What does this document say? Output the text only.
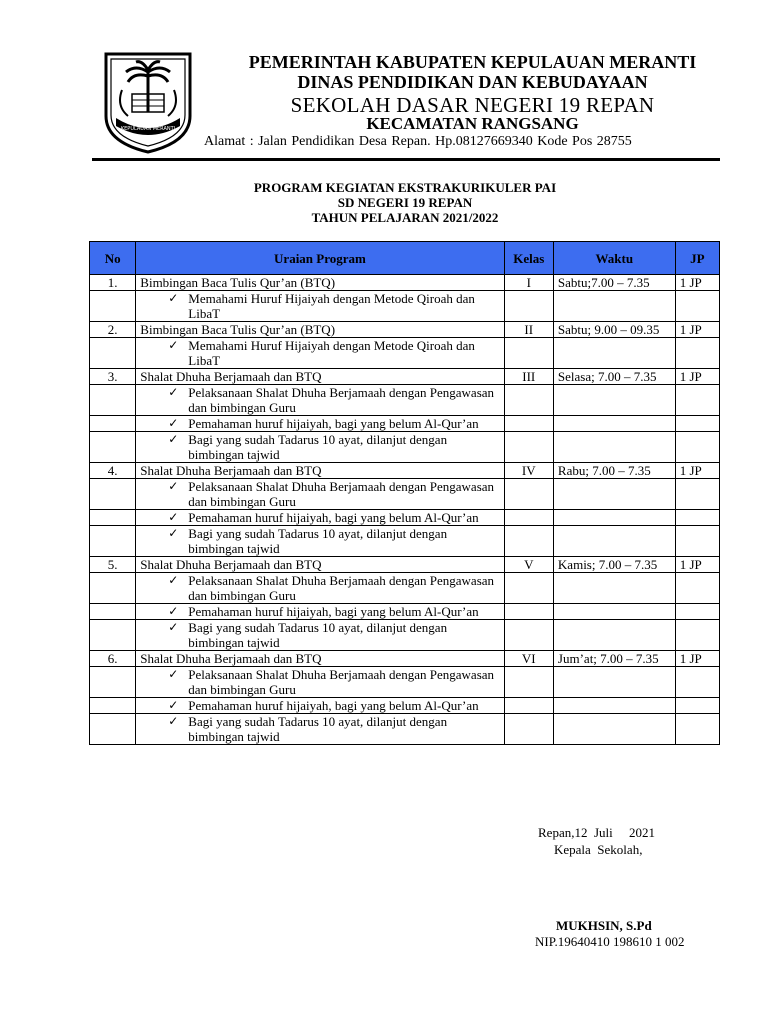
KEPULAUAN MERANTI
PEMERINTAH KABUPATEN KEPULAUAN MERANTI
DINAS PENDIDIKAN DAN KEBUDAYAAN
SEKOLAH DASAR NEGERI 19 REPAN
KECAMATAN RANGSANG
Alamat : Jalan Pendidikan Desa Repan. Hp.08127669340 Kode Pos 28755
PROGRAM KEGIATAN EKSTRAKURIKULER PAI
SD NEGERI 19 REPAN
TAHUN PELAJARAN 2021/2022
No	Uraian Program	Kelas	Waktu	JP
1.	Bimbingan Baca Tulis Qur’an (BTQ)	I	Sabtu;7.00 – 7.35	1 JP

	✓ Memahami Huruf Hijaiyah dengan Metode Qiroah dan LibaT			

2.	Bimbingan Baca Tulis Qur’an (BTQ)	II	Sabtu; 9.00 – 09.35	1 JP

	✓ Memahami Huruf Hijaiyah dengan Metode Qiroah dan LibaT			

3.	Shalat Dhuha Berjamaah dan BTQ	III	Selasa; 7.00 – 7.35	1 JP

	✓ Pelaksanaan Shalat Dhuha Berjamaah dengan Pengawasan dan bimbingan Guru			

	✓ Pemahaman huruf hijaiyah, bagi yang belum Al-Qur’an			

	✓ Bagi yang sudah Tadarus 10 ayat, dilanjut dengan bimbingan tajwid			

4.	Shalat Dhuha Berjamaah dan BTQ	IV	Rabu; 7.00 – 7.35	1 JP

	✓ Pelaksanaan Shalat Dhuha Berjamaah dengan Pengawasan dan bimbingan Guru			

	✓ Pemahaman huruf hijaiyah, bagi yang belum Al-Qur’an			

	✓ Bagi yang sudah Tadarus 10 ayat, dilanjut dengan bimbingan tajwid			

5.	Shalat Dhuha Berjamaah dan BTQ	V	Kamis; 7.00 – 7.35	1 JP

	✓ Pelaksanaan Shalat Dhuha Berjamaah dengan Pengawasan dan bimbingan Guru			

	✓ Pemahaman huruf hijaiyah, bagi yang belum Al-Qur’an			

	✓ Bagi yang sudah Tadarus 10 ayat, dilanjut dengan bimbingan tajwid			

6.	Shalat Dhuha Berjamaah dan BTQ	VI	Jum’at; 7.00 – 7.35	1 JP

	✓ Pelaksanaan Shalat Dhuha Berjamaah dengan Pengawasan dan bimbingan Guru			

	✓ Pemahaman huruf hijaiyah, bagi yang belum Al-Qur’an			

	✓ Bagi yang sudah Tadarus 10 ayat, dilanjut dengan bimbingan tajwid			

Repan,12  Juli     2021
Kepala  Sekolah,
MUKHSIN, S.Pd
NIP.19640410 198610 1 002
